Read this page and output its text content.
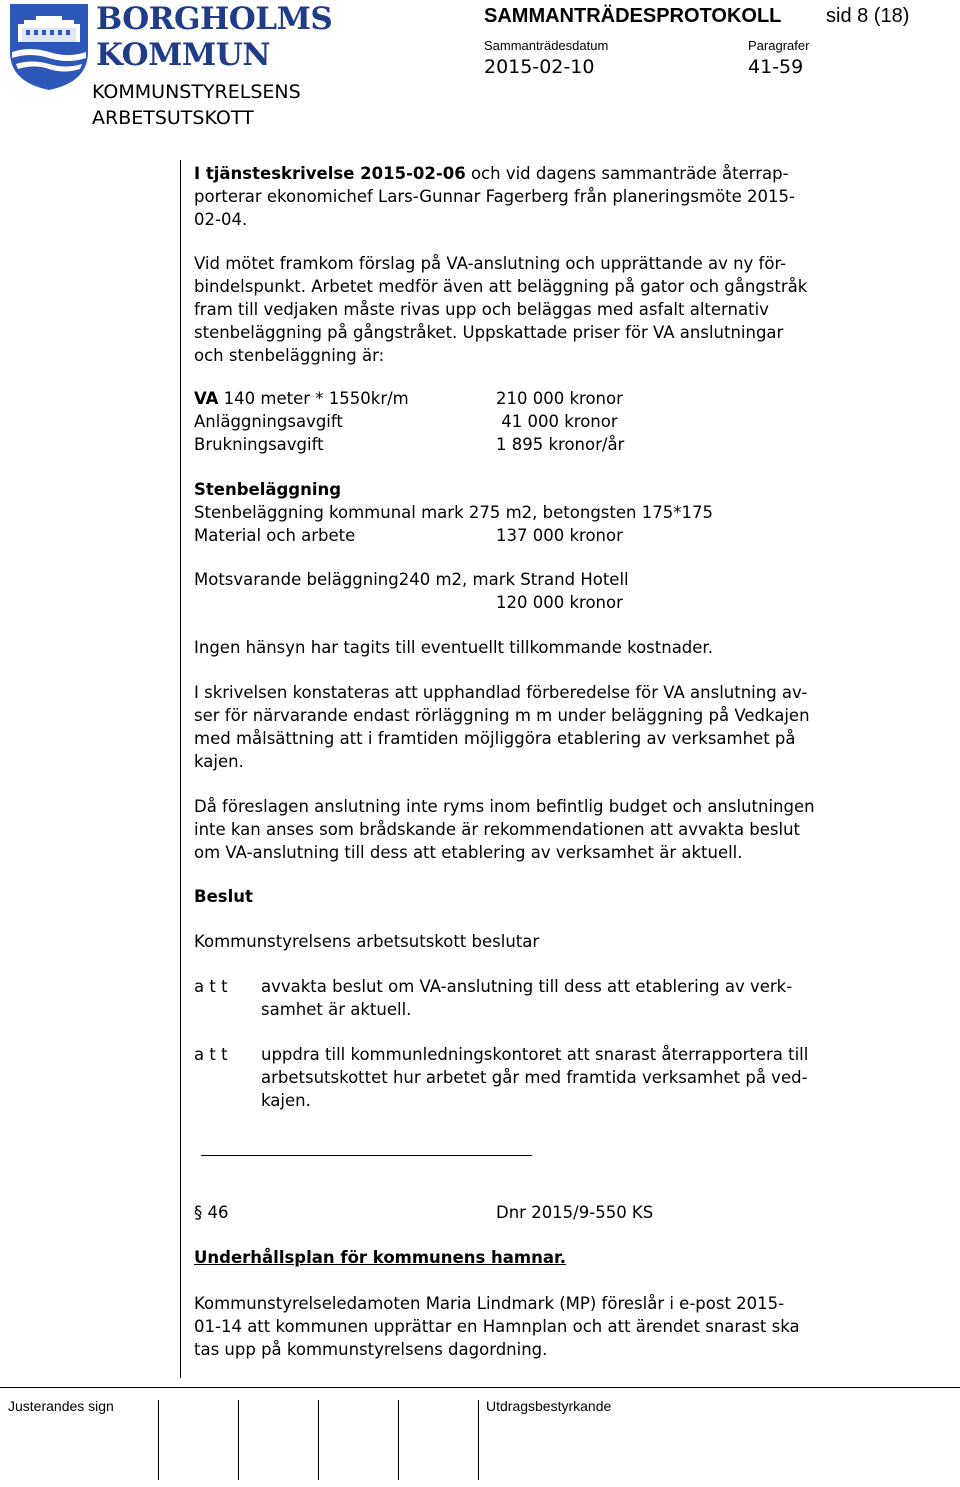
BORGHOLMS
KOMMUN
KOMMUNSTYRELSENS
ARBETSUTSKOTT
SAMMANTRÄDESPROTOKOLL sid 8 (18)
Sammanträdesdatum	Paragrafer
2015-02-10	41-59
I tjänsteskrivelse 2015-02-06 och vid dagens sammanträde återrap-
porterar ekonomichef Lars-Gunnar Fagerberg från planeringsmöte 2015-
02-04.
Vid mötet framkom förslag på VA-anslutning och upprättande av ny för-
bindelspunkt. Arbetet medför även att beläggning på gator och gångstråk
fram till vedjaken måste rivas upp och beläggas med asfalt alternativ
stenbeläggning på gångstråket. Uppskattade priser för VA anslutningar
och stenbeläggning är:
VA 140 meter * 1550kr/m	210 000 kronor
Anläggningsavgift	41 000 kronor
Brukningsavgift	1 895 kronor/år
Stenbeläggning
Stenbeläggning kommunal mark 275 m2, betongsten 175*175
Material och arbete	137 000 kronor
Motsvarande beläggning240 m2, mark Strand Hotell
120 000 kronor
Ingen hänsyn har tagits till eventuellt tillkommande kostnader.
I skrivelsen konstateras att upphandlad förberedelse för VA anslutning av-
ser för närvarande endast rörläggning m m under beläggning på Vedkajen
med målsättning att i framtiden möjliggöra etablering av verksamhet på
kajen.
Då föreslagen anslutning inte ryms inom befintlig budget och anslutningen
inte kan anses som brådskande är rekommendationen att avvakta beslut
om VA-anslutning till dess att etablering av verksamhet är aktuell.
Beslut
Kommunstyrelsens arbetsutskott beslutar
a t t avvakta beslut om VA-anslutning till dess att etablering av verk-
samhet är aktuell.
a t t uppdra till kommunledningskontoret att snarast återrapportera till
arbetsutskottet hur arbetet går med framtida verksamhet på ved-
kajen.
§ 46	Dnr 2015/9-550 KS
Underhållsplan för kommunens hamnar.
Kommunstyrelseledamoten Maria Lindmark (MP) föreslår i e-post 2015-
01-14 att kommunen upprättar en Hamnplan och att ärendet snarast ska
tas upp på kommunstyrelsens dagordning.
Justerandes sign	Utdragsbestyrkande
